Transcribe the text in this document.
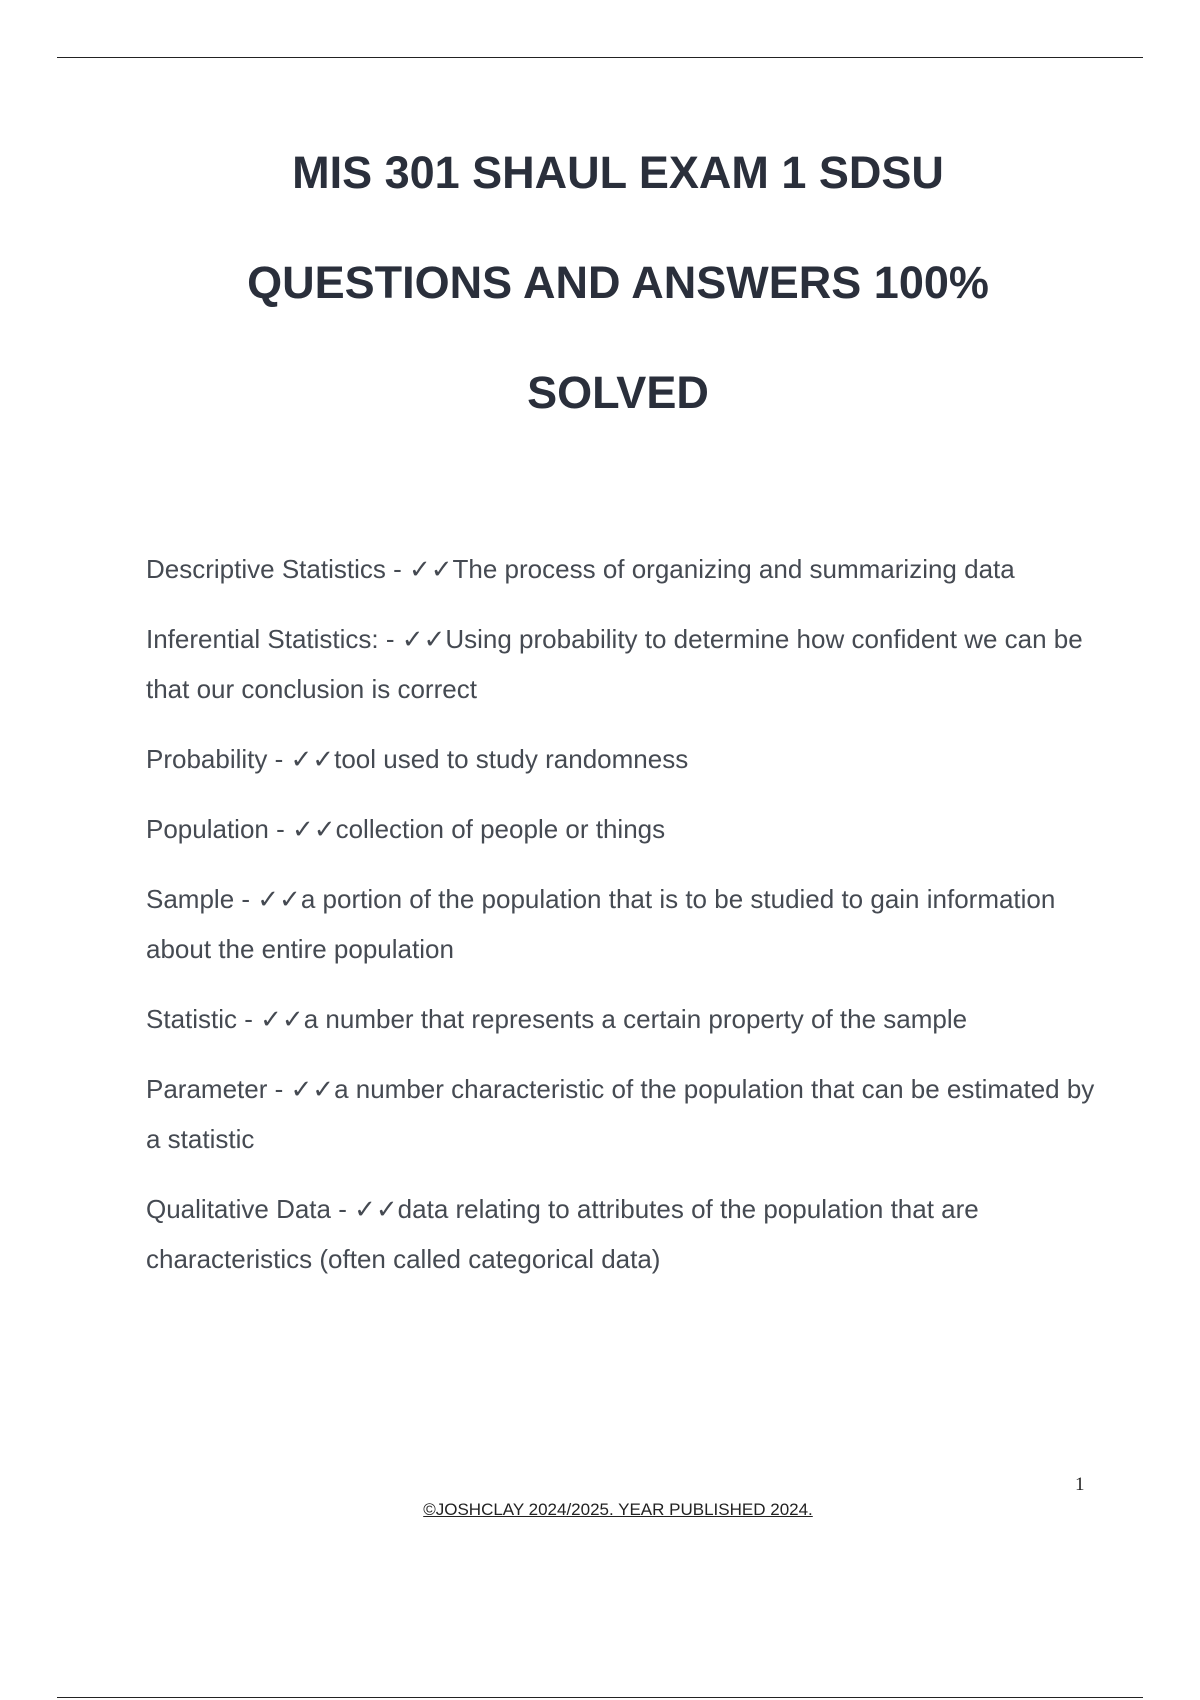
MIS 301 SHAUL EXAM 1 SDSU
QUESTIONS AND ANSWERS 100%
SOLVED

Descriptive Statistics - ✓✓The process of organizing and summarizing data

Inferential Statistics: - ✓✓Using probability to determine how confident we can be that our conclusion is correct

Probability - ✓✓tool used to study randomness

Population - ✓✓collection of people or things

Sample - ✓✓a portion of the population that is to be studied to gain information about the entire population

Statistic - ✓✓a number that represents a certain property of the sample

Parameter - ✓✓a number characteristic of the population that can be estimated by a statistic

Qualitative Data - ✓✓data relating to attributes of the population that are characteristics (often called categorical data)

1
©JOSHCLAY 2024/2025. YEAR PUBLISHED 2024.
